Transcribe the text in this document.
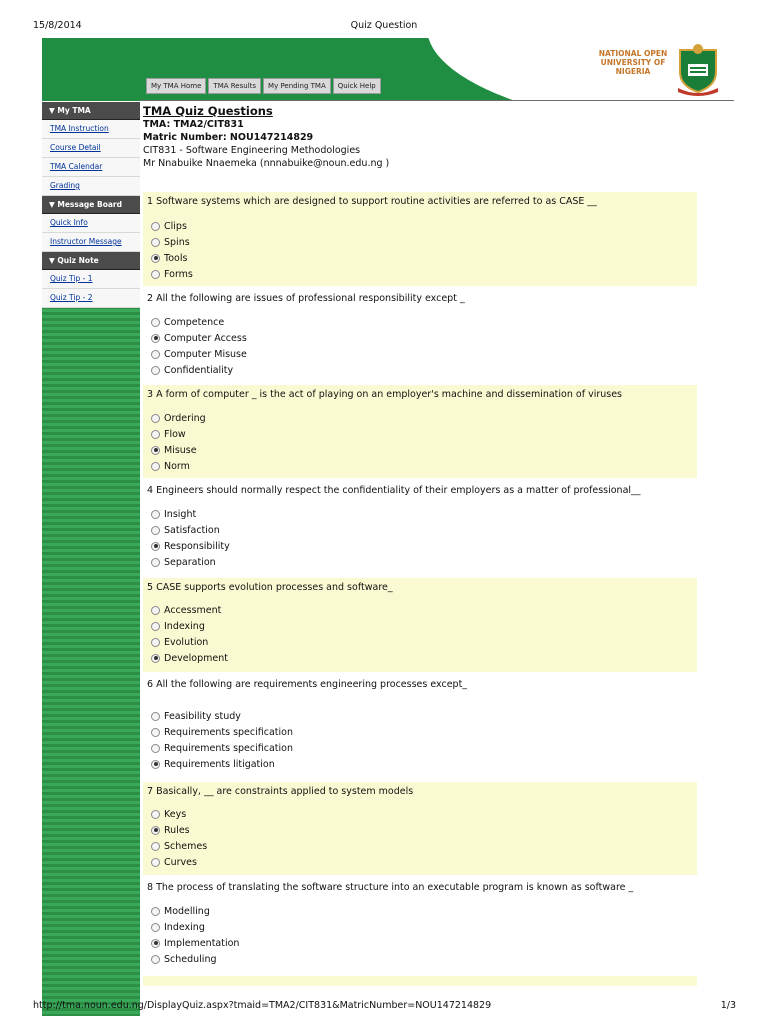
15/8/2014	Quiz Question
My TMA Home	TMA Results	My Pending TMA	Quick Help
NATIONAL OPEN
UNIVERSITY OF
NIGERIA
▼ My TMA
TMA Instruction
Course Detail
TMA Calendar
Grading
▼ Message Board
Quick Info
Instructor Message
▼ Quiz Note
Quiz Tip - 1
Quiz Tip - 2
TMA Quiz Questions
TMA: TMA2/CIT831
Matric Number: NOU147214829
CIT831 - Software Engineering Methodologies
Mr Nnabuike Nnaemeka (nnnabuike@noun.edu.ng )
1 Software systems which are designed to support routine activities are referred to as CASE __
Clips
Spins
Tools
Forms
2 All the following are issues of professional responsibility except _
Competence
Computer Access
Computer Misuse
Confidentiality
3 A form of computer _ is the act of playing on an employer's machine and dissemination of viruses
Ordering
Flow
Misuse
Norm
4 Engineers should normally respect the confidentiality of their employers as a matter of professional__
Insight
Satisfaction
Responsibility
Separation
5 CASE supports evolution processes and software_
Accessment
Indexing
Evolution
Development
6 All the following are requirements engineering processes except_
Feasibility study
Requirements specification
Requirements specification
Requirements litigation
7 Basically, __ are constraints applied to system models
Keys
Rules
Schemes
Curves
8 The process of translating the software structure into an executable program is known as software _
Modelling
Indexing
Implementation
Scheduling
http://tma.noun.edu.ng/DisplayQuiz.aspx?tmaid=TMA2/CIT831&MatricNumber=NOU147214829	1/3
